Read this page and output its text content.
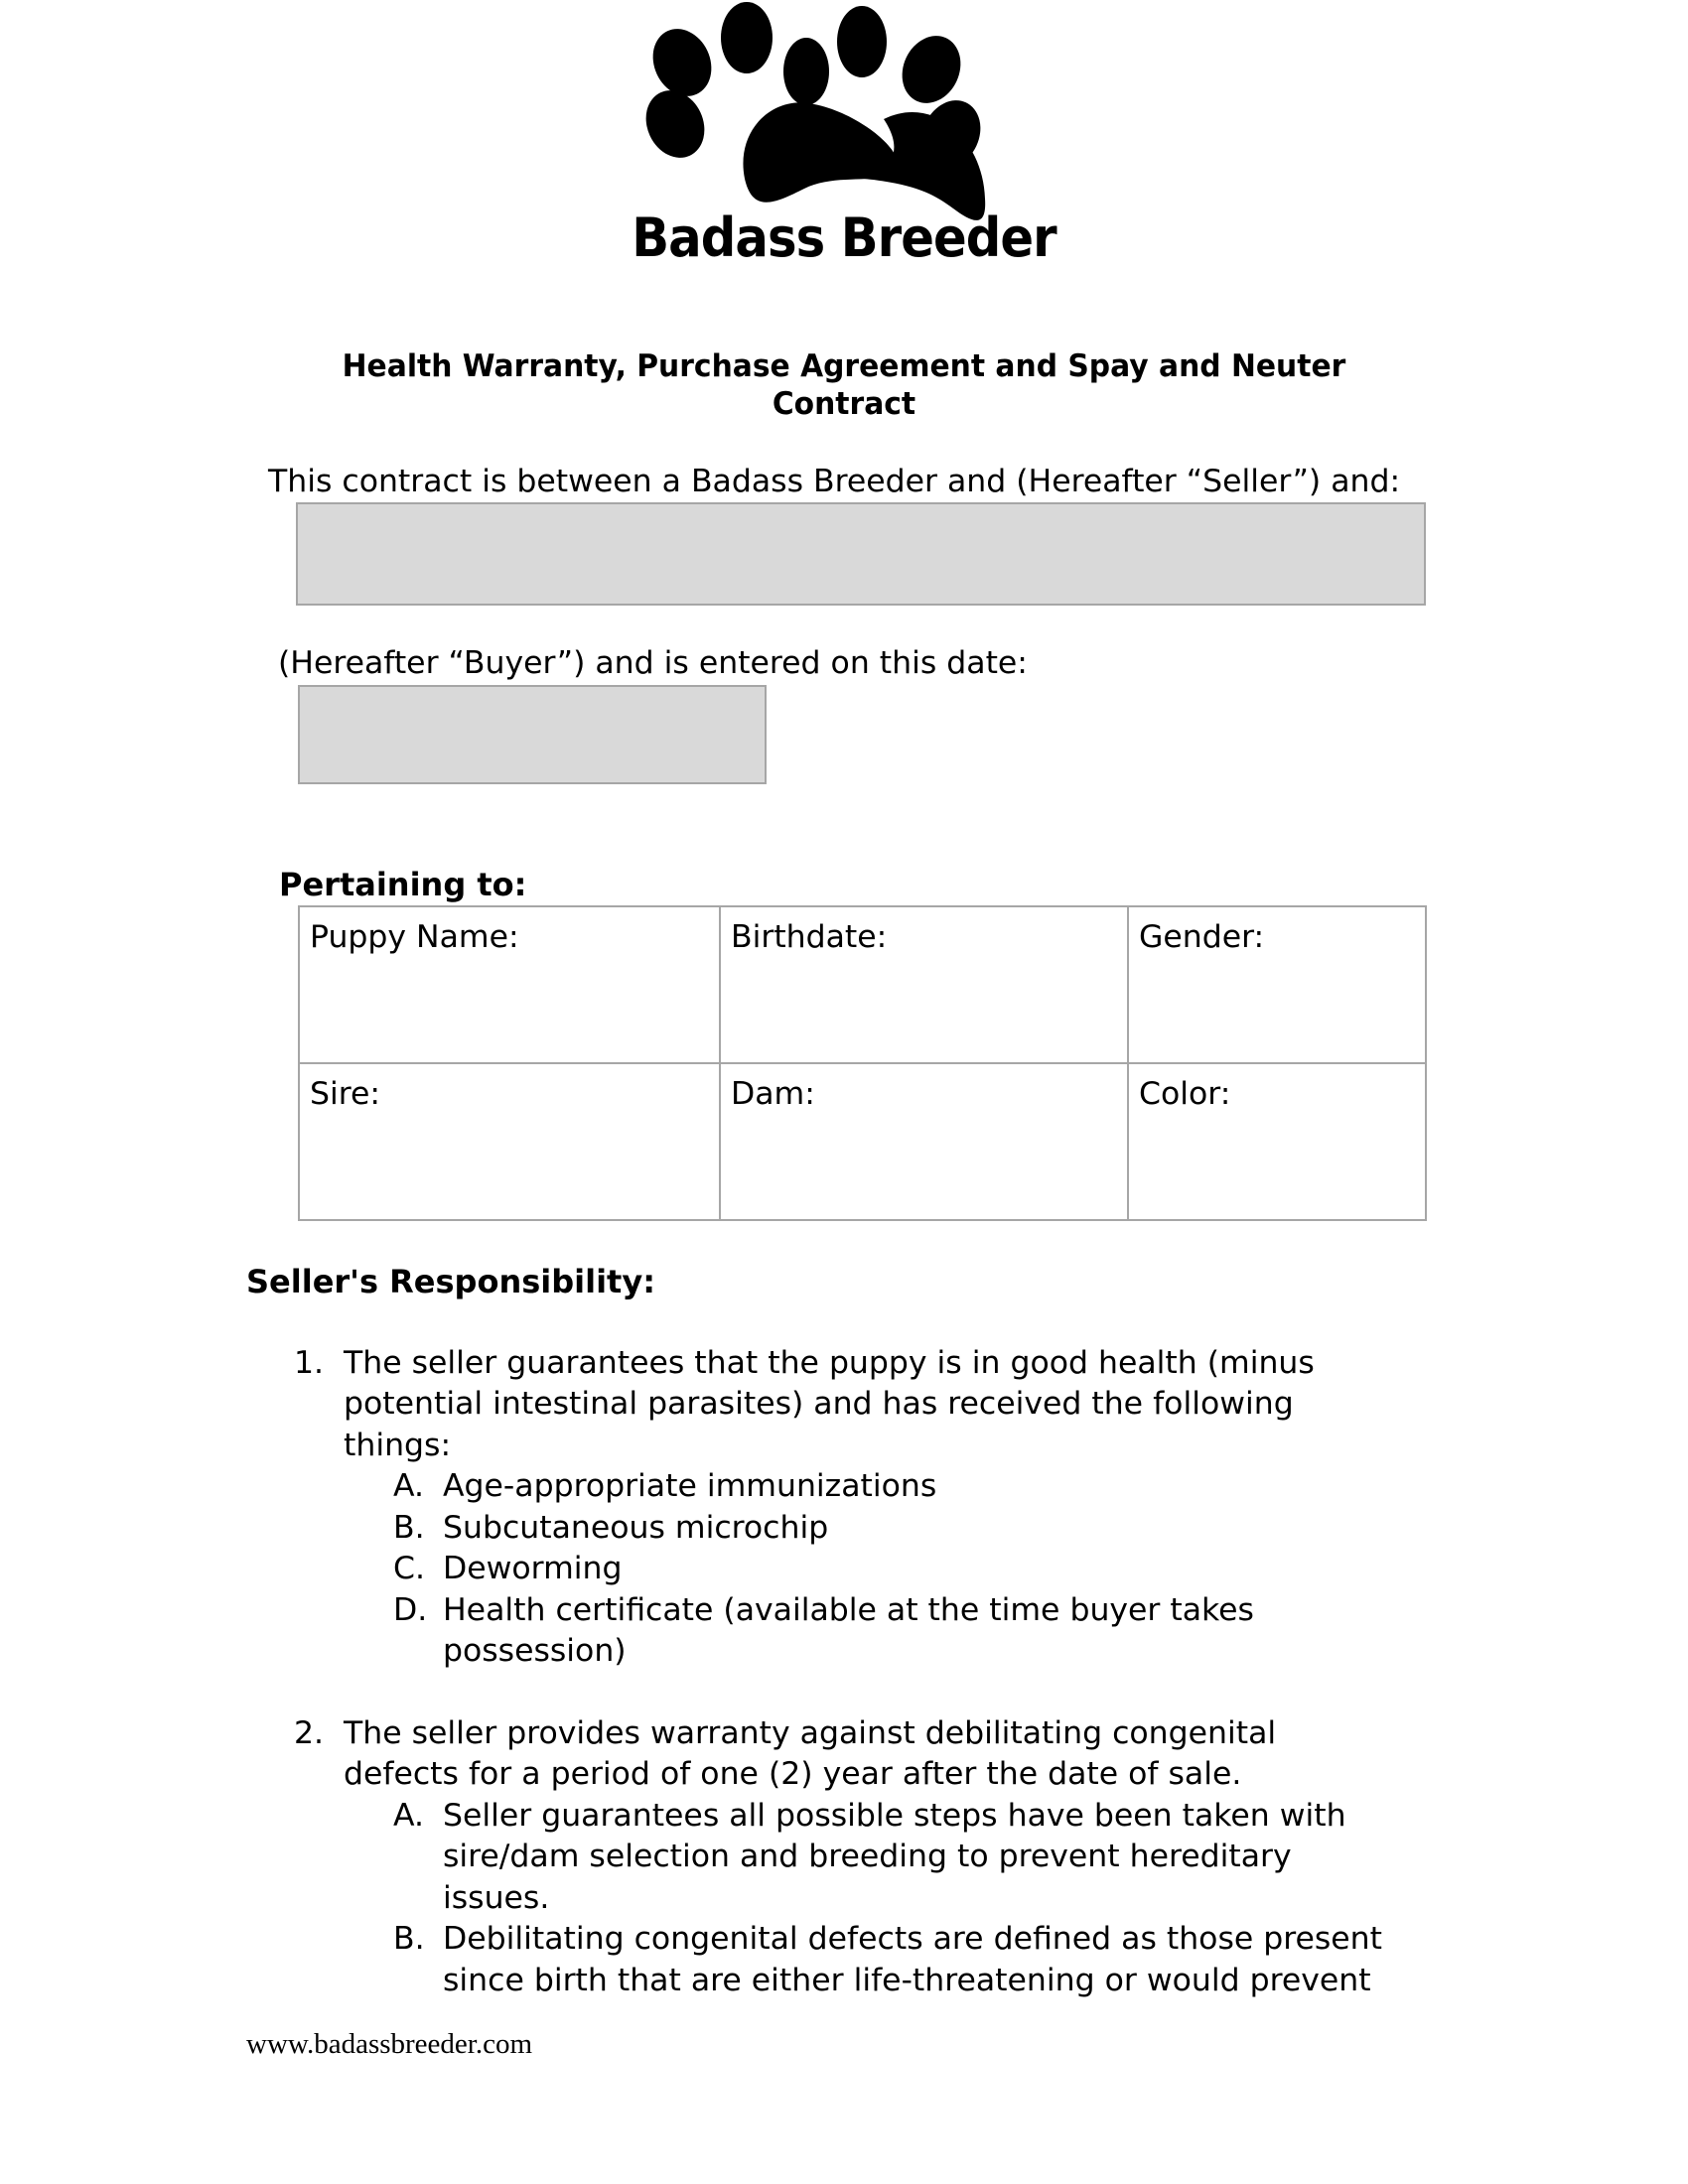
Badass Breeder
Health Warranty, Purchase Agreement and Spay and Neuter
Contract
This contract is between a Badass Breeder and (Hereafter “Seller”) and:
(Hereafter “Buyer”) and is entered on this date:
Pertaining to:
Puppy Name:	Birthdate:	Gender:
Sire:	Dam:	Color:
Seller's Responsibility:
1. The seller guarantees that the puppy is in good health (minus
potential intestinal parasites) and has received the following
things:
A. Age-appropriate immunizations
B. Subcutaneous microchip
C. Deworming
D. Health certificate (available at the time buyer takes
possession)
2. The seller provides warranty against debilitating congenital
defects for a period of one (2) year after the date of sale.
A. Seller guarantees all possible steps have been taken with
sire/dam selection and breeding to prevent hereditary
issues.
B. Debilitating congenital defects are defined as those present
since birth that are either life-threatening or would prevent
www.badassbreeder.com
